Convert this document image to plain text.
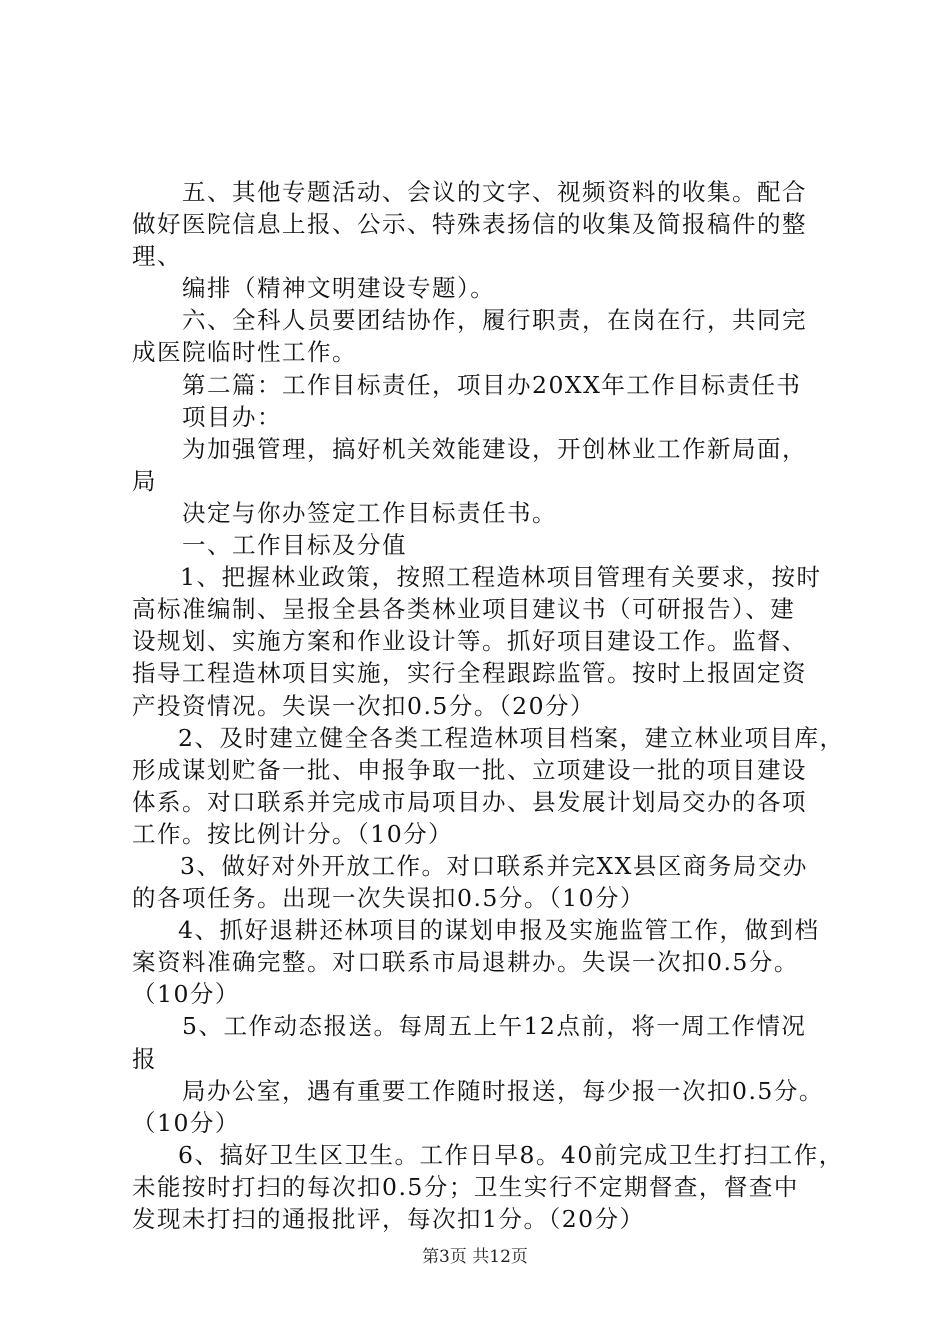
五、其他专题活动、会议的文字、视频资料的收集。配合
做好医院信息上报、公示、特殊表扬信的收集及简报稿件的整
理、
编排（精神文明建设专题）。
六、全科人员要团结协作，履行职责，在岗在行，共同完
成医院临时性工作。
第二篇：工作目标责任，项目办20XX年工作目标责任书
项目办：
为加强管理，搞好机关效能建设，开创林业工作新局面，
局
决定与你办签定工作目标责任书。
一、工作目标及分值
1、把握林业政策，按照工程造林项目管理有关要求，按时
高标准编制、呈报全县各类林业项目建议书（可研报告）、建
设规划、实施方案和作业设计等。抓好项目建设工作。监督、
指导工程造林项目实施，实行全程跟踪监管。按时上报固定资
产投资情况。失误一次扣0.5分。（20分）
2、及时建立健全各类工程造林项目档案，建立林业项目库，
形成谋划贮备一批、申报争取一批、立项建设一批的项目建设
体系。对口联系并完成市局项目办、县发展计划局交办的各项
工作。按比例计分。（10分）
3、做好对外开放工作。对口联系并完XX县区商务局交办
的各项任务。出现一次失误扣0.5分。（10分）
4、抓好退耕还林项目的谋划申报及实施监管工作，做到档
案资料准确完整。对口联系市局退耕办。失误一次扣0.5分。
（10分）
5、工作动态报送。每周五上午12点前，将一周工作情况
报
局办公室，遇有重要工作随时报送，每少报一次扣0.5分。
（10分）
6、搞好卫生区卫生。工作日早8。40前完成卫生打扫工作，
未能按时打扫的每次扣0.5分；卫生实行不定期督查，督查中
发现未打扫的通报批评，每次扣1分。（20分）
第3页 共12页
